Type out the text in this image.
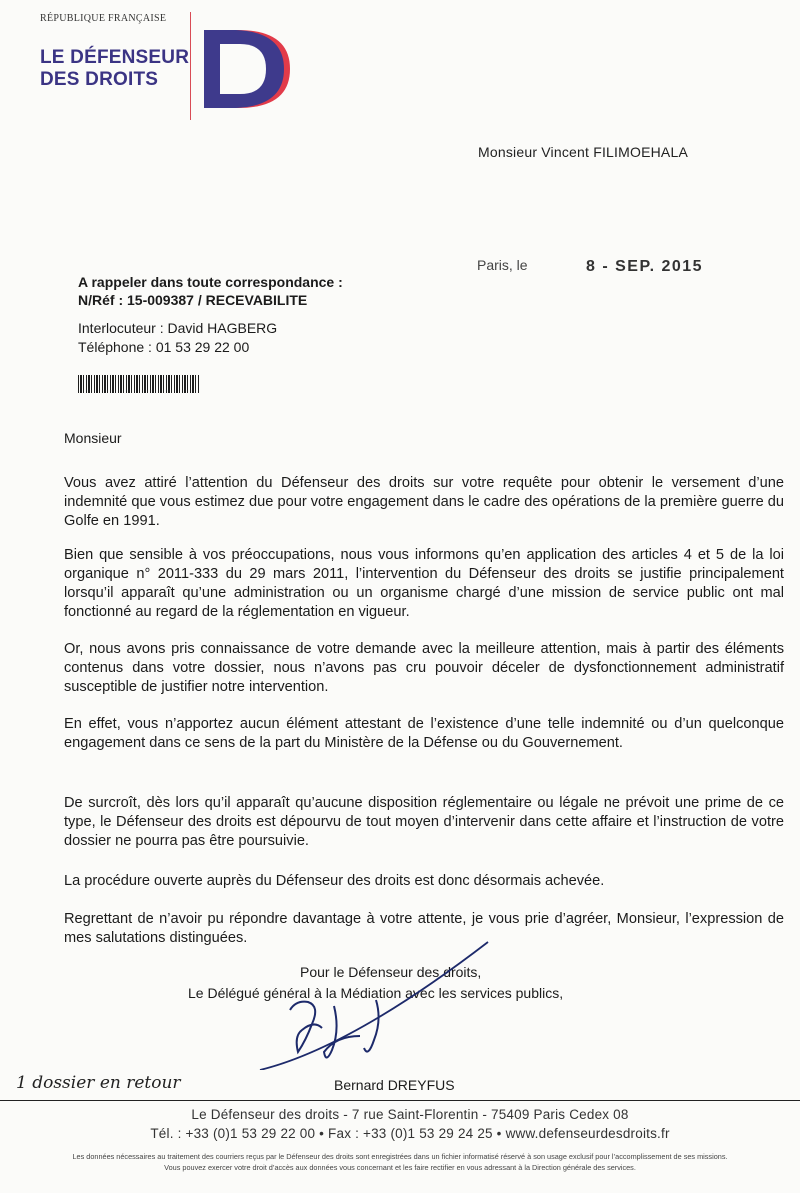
RÉPUBLIQUE FRANÇAISE
LE DÉFENSEUR
DES DROITS
Monsieur Vincent FILIMOEHALA
Paris, le	8 - SEP. 2015
A rappeler dans toute correspondance :
N/Réf : 15-009387 / RECEVABILITE
Interlocuteur : David HAGBERG
Téléphone : 01 53 29 22 00
Monsieur

Vous avez attiré l’attention du Défenseur des droits sur votre requête pour obtenir le versement d’une indemnité que vous estimez due pour votre engagement dans le cadre des opérations de la première guerre du Golfe en 1991.

Bien que sensible à vos préoccupations, nous vous informons qu’en application des articles 4 et 5 de la loi organique n° 2011-333 du 29 mars 2011, l’intervention du Défenseur des droits se justifie principalement lorsqu’il apparaît qu’une administration ou un organisme chargé d’une mission de service public ont mal fonctionné au regard de la réglementation en vigueur.

Or, nous avons pris connaissance de votre demande avec la meilleure attention, mais à partir des éléments contenus dans votre dossier, nous n’avons pas cru pouvoir déceler de dysfonctionnement administratif susceptible de justifier notre intervention.

En effet, vous n’apportez aucun élément attestant de l’existence d’une telle indemnité ou d’un quelconque engagement dans ce sens de la part du Ministère de la Défense ou du Gouvernement.

De surcroît, dès lors qu’il apparaît qu’aucune disposition réglementaire ou légale ne prévoit une prime de ce type, le Défenseur des droits est dépourvu de tout moyen d’intervenir dans cette affaire et l’instruction de votre dossier ne pourra pas être poursuivie.

La procédure ouverte auprès du Défenseur des droits est donc désormais achevée.

Regrettant de n’avoir pu répondre davantage à votre attente, je vous prie d’agréer, Monsieur, l’expression de mes salutations distinguées.

Pour le Défenseur des droits,
Le Délégué général à la Médiation avec les services publics,
Bernard DREYFUS
1 dossier en retour
Le Défenseur des droits - 7 rue Saint-Florentin - 75409 Paris Cedex 08
Tél. : +33 (0)1 53 29 22 00 • Fax : +33 (0)1 53 29 24 25 • www.defenseurdesdroits.fr
Les données nécessaires au traitement des courriers reçus par le Défenseur des droits sont enregistrées dans un fichier informatisé réservé à son usage exclusif pour l’accomplissement de ses missions.
Vous pouvez exercer votre droit d’accès aux données vous concernant et les faire rectifier en vous adressant à la Direction générale des services.
